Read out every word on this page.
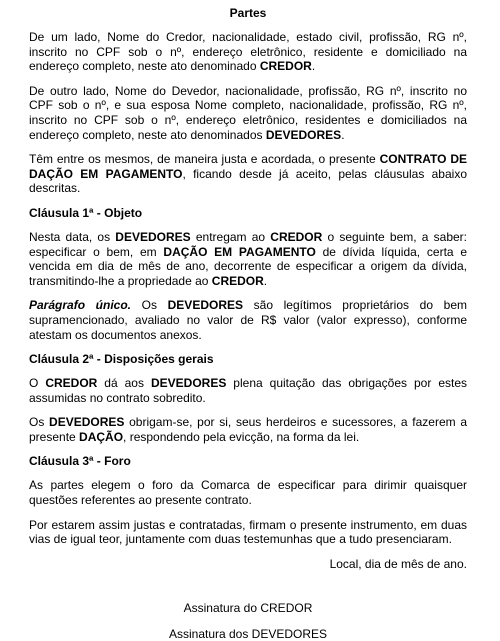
Partes

De um lado, Nome do Credor, nacionalidade, estado civil, profissão, RG nº, inscrito no CPF sob o nº, endereço eletrônico, residente e domiciliado na endereço completo, neste ato denominado CREDOR.

De outro lado, Nome do Devedor, nacionalidade, profissão, RG nº, inscrito no CPF sob o nº, e sua esposa Nome completo, nacionalidade, profissão, RG nº, inscrito no CPF sob o nº, endereço eletrônico, residentes e domiciliados na endereço completo, neste ato denominados DEVEDORES.

Têm entre os mesmos, de maneira justa e acordada, o presente CONTRATO DE DAÇÃO EM PAGAMENTO, ficando desde já aceito, pelas cláusulas abaixo descritas.

Cláusula 1ª - Objeto

Nesta data, os DEVEDORES entregam ao CREDOR o seguinte bem, a saber: especificar o bem, em DAÇÃO EM PAGAMENTO de dívida líquida, certa e vencida em dia de mês de ano, decorrente de especificar a origem da dívida, transmitindo-lhe a propriedade ao CREDOR.

Parágrafo único. Os DEVEDORES são legítimos proprietários do bem supramencionado, avaliado no valor de R$ valor (valor expresso), conforme atestam os documentos anexos.

Cláusula 2ª - Disposições gerais

O CREDOR dá aos DEVEDORES plena quitação das obrigações por estes assumidas no contrato sobredito.

Os DEVEDORES obrigam-se, por si, seus herdeiros e sucessores, a fazerem a presente DAÇÃO, respondendo pela evicção, na forma da lei.

Cláusula 3ª - Foro

As partes elegem o foro da Comarca de especificar para dirimir quaisquer questões referentes ao presente contrato.

Por estarem assim justas e contratadas, firmam o presente instrumento, em duas vias de igual teor, juntamente com duas testemunhas que a tudo presenciaram.

Local, dia de mês de ano.

Assinatura do CREDOR
Assinatura dos DEVEDORES
